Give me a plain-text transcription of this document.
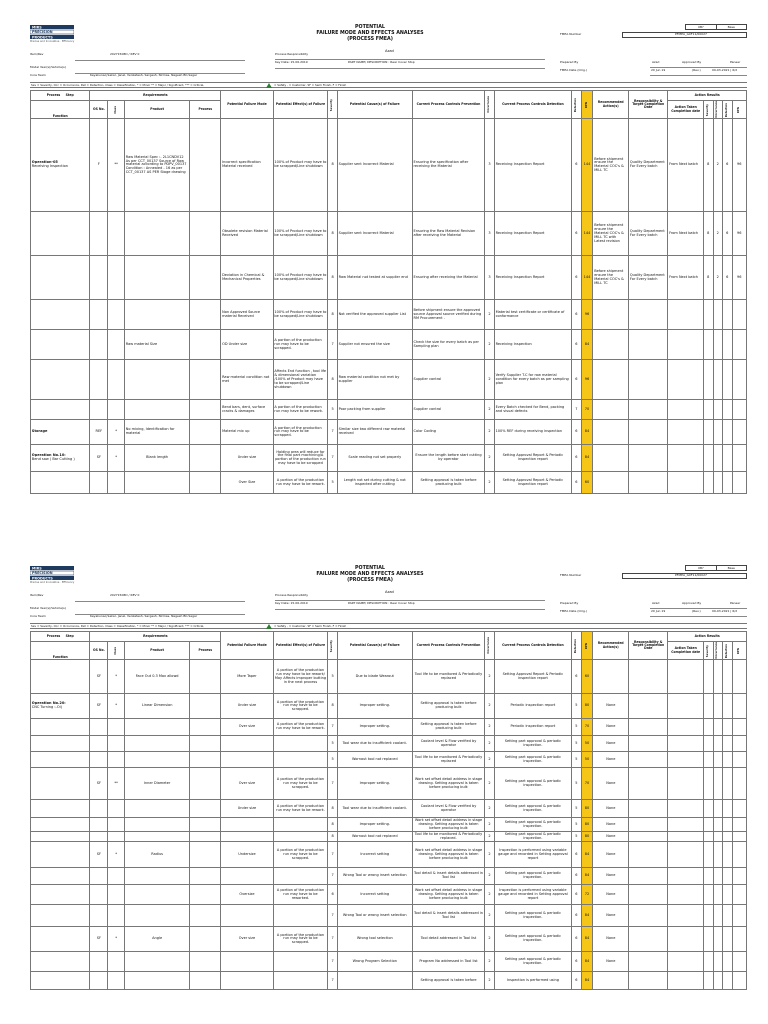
MIRS
PRECISION
PRODUCTS
Precise and Innovative · Efficiency
POTENTIAL
FAILURE MODE AND EFFECTS ANALYSES
(PROCESS FMEA)
UB?	Base
FMEA Number	PFMEA_G0F11/00027
Item/Rev	20271508D / REV 0
Model Year(s)/Vehicle(s)
Core Team	Keyakunaq Sekar, Janel, Venkatesh, Sargesh, Nirmas, Nagesh BC,Sagar
Process Responsibility
Azad
Key Date: 15.06.2019	PART NAME/ DESCRIPTION : Rear Cover Stop	Prepared By	Azad	Approved By	Paneer
FMEA Date (Orig.)	20 Jun 19	(Rev.)	09-03-2021 | 6/2
Sev = Severity, Occ = Occurrence, Det = Detection, Class = Classification, * = Minor ** = Major / Significant, *** = Critical,	= Safety , = Customer, SF = Semi Finish, F = Finish
Process Step	Requirements				Potential Failure Mode	Potential Effect(s) of Failure	Severity	Potential Cause(s) of Failure	Current Process Controls Prevention	Occurrence	Current Process Controls Detection	Detection	RPN	Recommended Action(s)	Responsibility & Target Completion Date	Action Results				
Function	OS No.	Class	Product	Process												Action Taken Completion date	Severity	Occurrence	Detection	RPN

Operation-05
Receiving Inspection	F	**	Raw Material Spec :- 2L1CNDV12 As per CCT_00137 Source of Raw material according to PDPV_00137 Condition : Annealed - 16 as per CCT_00137 AS PER Stage drawing		Incorrect specification Material received	100% of Product may have to be scrapped/Line shutdown	8	Supplier sent Incorrect Material	Ensuring the specification after receiving the Material	3	Receiving Inspection Report	6	144	Before shipment ensure the Material COC's & MILL TC	Quality Department For Every batch	From Next batch	8	2	6	96

					Obsolete revision Material Received	100% of Product may have to be scrapped/Line shutdown	8	Supplier sent Incorrect Material	Ensuring the Raw Material Revision after receiving the Material	3	Receiving Inspection Report	6	144	Before shipment ensure the Material COC's & MILL TC with Latest revision	Quality Department For Every batch	From Next batch	8	2	6	96

					Deviation in Chemical & Mechanical Properties	100% of Product may have to be scrapped/Line shutdown	8	Raw Material not tested at supplier end	Ensuring after receiving the Material	3	Receiving Inspection Report	6	144	Before shipment ensure the Material COC's & MILL TC	Quality Department For Every batch	From Next batch	8	2	6	96

					Non Approved Source material Received	100% of Product may have to be scrapped/Line shutdown	8	Not verified the approved supplier List	Before shipment ensure the approved source Approval source verified during RM Procurement .	2	Material test certificate or certificate of conformance	6	96							

			Raw material Size		OD Under size	A portion of the production run may have to be scrapped.	7	Supplier not ensured the size	Check the size for every batch as per Sampling plan	2	Receiving Inspection	6	84							

					Raw material condition not met	Affects End function , tool life & dimensional variation /100% of Product may have to be scrapped/Line shutdown	8	Raw material condition not met by supplier	Supplier control	2	Verify Supplier T.C for raw material condition for every batch as per sampling plan	6	96							

					Bend bars, dent, surface cracks & damages	A portion of the production run may have to be rework.	5	Poor packing from supplier	Supplier control	2	Every Batch checked for Bend, packing and visual defects	7	70							

Storage	REF	*	No mixing, Identification for material		Material mix up	A portion of the production run may have to be scrapped.	7	Similar size two different raw material received	Color Coding	2	100% REF during receiving inspection	6	84							

Operation No.10:
Bend saw ( Bar Cutting )	SF	*	Blank length		Under size	Holding area will reduce for the final part machining/A portion of the production run may have to be scrapped	7	Scale reading not set properly	Ensure the length before start cutting by operator	2	Setting Approval Report & Periodic inspection report	6	84							

					Over Size	A portion of the production run may have to be rework.	5	Length not set during cutting & not inspected after cutting	Setting approval is taken before producing bulk	2	Setting Approval Report & Periodic inspection report	6	60							
MIRS
PRECISION
PRODUCTS
Precise and Innovative · Efficiency
POTENTIAL
FAILURE MODE AND EFFECTS ANALYSES
(PROCESS FMEA)
UB?	Base
FMEA Number	PFMEA_G0F11/00027
Item/Rev	20271508D / REV 0
Model Year(s)/Vehicle(s)
Core Team	Keyakunaq Sekar, Janel, Venkatesh, Sargesh, Nirmas, Nagesh BC,Sagar
Process Responsibility
Azad
Key Date: 15.06.2019	PART NAME/ DESCRIPTION : Rear Cover Stop	Prepared By	Azad	Approved By	Paneer
FMEA Date (Orig.)	20 Jun 19	(Rev.)	09-03-2021 | 6/2
Sev = Severity, Occ = Occurrence, Det = Detection, Class = Classification, * = Minor ** = Major / Significant, *** = Critical,	= Safety , = Customer, SF = Semi Finish, F = Finish
Process Step	Requirements				Potential Failure Mode	Potential Effect(s) of Failure	Severity	Potential Cause(s) of Failure	Current Process Controls Prevention	Occurrence	Current Process Controls Detection	Detection	RPN	Recommended Action(s)	Responsibility & Target Completion Date	Action Results				
Function	OS No.	Class	Product	Process												Action Taken Completion date	Severity	Occurrence	Detection	RPN

	SF	*	Face Out 0.3 Max allowd		More Taper	A portion of the production run may have to be rework/ May Affects improper butting in the next process	5	Due to blade Wearout	Tool life to be monitored & Periodically replaced	2	Setting Approval Report & Periodic inspection report	6	60							

Operation No.20:
CNC Turning :-Oi)	SF	*	Linear Dimension		Under size	A portion of the production run may have to be scrapped.	8	Improper setting.	Setting approval is taken before producing bulk	2	Periodic inspection report	5	80	None						

					Over size	A portion of the production run may have to be rework.	7	Improper setting.	Setting approval is taken before producing bulk	2	Periodic inspection report	5	70	None						

							5	Tool wear due to insufficient coolant.	Coolant level & Flow verified by operator	2	Setting part approval & periodic inspection.	5	50	None						

							5	Wornout tool not replaced	Tool life to be monitored & Periodically replaced	2	Setting part approval & periodic inspection.	5	50	None						

	SF	**	Inner Diameter		Over size	A portion of the production run may have to be scrapped.	7	Improper setting.	Work set offset detail address in stage drawing. Setting approval is taken before producing bulk	2	Setting part approval & periodic inspection.	5	70	None						

					Under size	A portion of the production run may have to be rework.	8	Tool wear due to insufficient coolant.	Coolant level & Flow verified by operator	2	Setting part approval & periodic inspection.	5	80	None						

							8	Improper setting.	Work set offset detail address in stage drawing. Setting approval is taken before producing bulk	2	Setting part approval & periodic inspection.	5	80	None						

							8	Wornout tool not replaced	Tool life to be monitored & Periodically replaced.	2	Setting part approval & periodic inspection.	5	80	None						

	SF	*	Radius		Undersize	A portion of the production run may have to be scrapped.	7	Incorrect setting	Work set offset detail address in stage drawing. Setting approval is taken before producing bulk	2	Inspection is performed using variable gauge and recorded in Setting approval report	6	84	None						

							7	Wrong Tool or wrong insert selection	Tool detail & insert details addressed in Tool list	2	Setting part approval & periodic inspection.	6	84	None						

					Oversize	A portion of the production run may have to be reworked.	6	Incorrect setting	Work set offset detail address in stage drawing. Setting approval is taken before producing bulk	2	Inspection is performed using variable gauge and recorded in Setting approval report	6	72	None						

							7	Wrong Tool or wrong insert selection	Tool detail & insert details addressed in Tool list	2	Setting part approval & periodic inspection.	6	84	None						

	SF	*	Angle		Over size	A portion of the production run may have to be scrapped.	7	Wrong tool selection	Tool detail addressed in Tool list	2	Setting part approval & periodic inspection.	6	84	None						

							7	Wrong Program Selection	Program No addressed in Tool list	2	Setting part approval & periodic inspection.	6	84	None						

							7		Setting approval is taken before	2	Inspection is performed using	6	84							
